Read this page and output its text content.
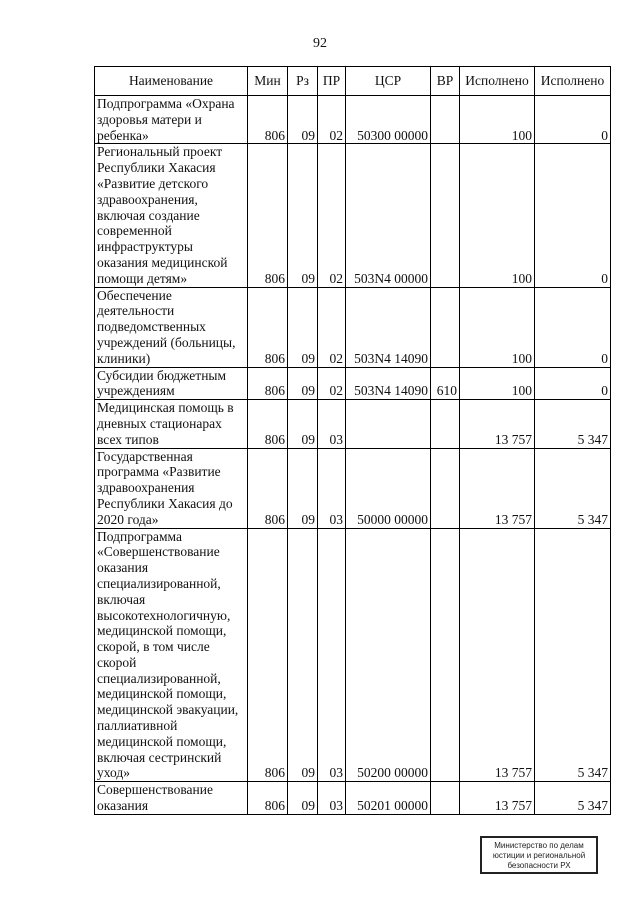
92
Наименование	Мин	Рз	ПР	ЦСР	ВР	Исполнено	Исполнено
Подпрограмма «Охрана здоровья матери и ребенка»	806	09	02	50300 00000		100	0
Региональный проект Республики Хакасия «Развитие детского здравоохранения, включая создание современной инфраструктуры оказания медицинской помощи детям»	806	09	02	503N4 00000		100	0
Обеспечение деятельности подведомственных учреждений (больницы, клиники)	806	09	02	503N4 14090		100	0
Субсидии бюджетным учреждениям	806	09	02	503N4 14090	610	100	0
Медицинская помощь в дневных стационарах всех типов	806	09	03			13 757	5 347
Государственная программа «Развитие здравоохранения Республики Хакасия до 2020 года»	806	09	03	50000 00000		13 757	5 347
Подпрограмма «Совершенствование оказания специализированной, включая высокотехнологичную, медицинской помощи, скорой, в том числе скорой специализированной, медицинской помощи, медицинской эвакуации, паллиативной медицинской помощи, включая сестринский уход»	806	09	03	50200 00000		13 757	5 347
Совершенствование оказания	806	09	03	50201 00000		13 757	5 347
Министерство по делам
юстиции и региональной
безопасности РХ
